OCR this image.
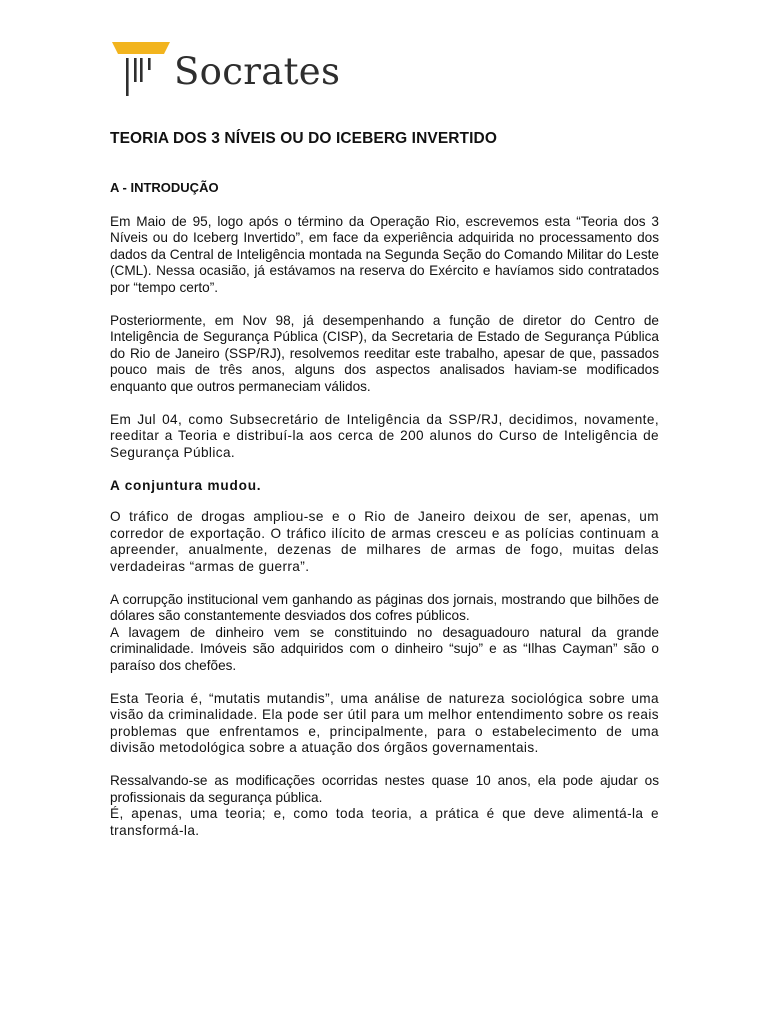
Socrates
TEORIA DOS 3 NÍVEIS OU DO ICEBERG INVERTIDO
A - INTRODUÇÃO

Em Maio de 95, logo após o término da Operação Rio, escrevemos esta “Teoria dos 3 Níveis ou do Iceberg Invertido”, em face da experiência adquirida no processamento dos dados da Central de Inteligência montada na Segunda Seção do Comando Militar do Leste (CML). Nessa ocasião, já estávamos na reserva do Exército e havíamos sido contratados por “tempo certo”.

Posteriormente, em Nov 98, já desempenhando a função de diretor do Centro de Inteligência de Segurança Pública (CISP), da Secretaria de Estado de Segurança Pública do Rio de Janeiro (SSP/RJ), resolvemos reeditar este trabalho, apesar de que, passados pouco mais de três anos, alguns dos aspectos analisados haviam-se modificados enquanto que outros permaneciam válidos.

Em Jul 04, como Subsecretário de Inteligência da SSP/RJ, decidimos, novamente, reeditar a Teoria e distribuí-la aos cerca de 200 alunos do Curso de Inteligência de Segurança Pública.

A conjuntura mudou.

O tráfico de drogas ampliou-se e o Rio de Janeiro deixou de ser, apenas, um corredor de exportação. O tráfico ilícito de armas cresceu e as polícias continuam a apreender, anualmente, dezenas de milhares de armas de fogo, muitas delas verdadeiras “armas de guerra”.

A corrupção institucional vem ganhando as páginas dos jornais, mostrando que bilhões de dólares são constantemente desviados dos cofres públicos.

A lavagem de dinheiro vem se constituindo no desaguadouro natural da grande criminalidade. Imóveis são adquiridos com o dinheiro “sujo” e as “Ilhas Cayman” são o paraíso dos chefões.

Esta Teoria é, “mutatis mutandis”, uma análise de natureza sociológica sobre uma visão da criminalidade. Ela pode ser útil para um melhor entendimento sobre os reais problemas que enfrentamos e, principalmente, para o estabelecimento de uma divisão metodológica sobre a atuação dos órgãos governamentais.

Ressalvando-se as modificações ocorridas nestes quase 10 anos, ela pode ajudar os profissionais da segurança pública.

É, apenas, uma teoria; e, como toda teoria, a prática é que deve alimentá-la e transformá-la.
